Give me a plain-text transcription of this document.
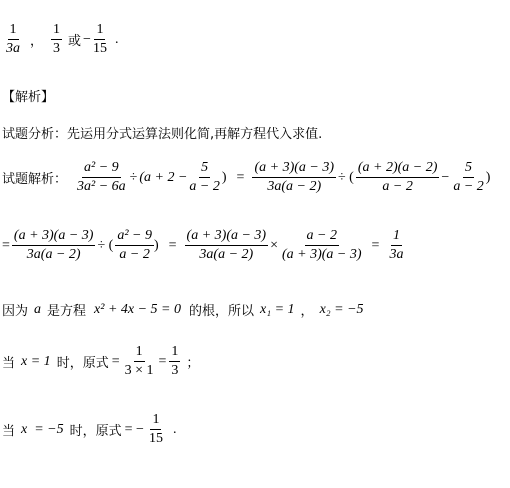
$\frac{1}{3a}$ ， $\frac{1}{3}$ 或 − $\frac{1}{15}$ .
【解析】
试题分析：先运用分式运算法则化简,再解方程代入求值.
试题解析： $\frac{\text{a² − 9}}{\text{3a² − 6a}} \div (a + 2 - \frac{5}{a - 2}$ ) = $\frac{(a + 3)(a - 3)}{3a(a - 2)}$ ÷ ( $\frac{(a + 2)(a - 2)}{a - 2} - \frac{5}{a - 2}$ )
= $\frac{(a + 3)(a - 3)}{3a(a - 2)}$ ÷ ( $\frac{\text{a² − 9}}{a - 2}$ ) = $\frac{(a + 3)(a - 3)}{3a(a - 2)} \times \frac{a - 2}{(a + 3)(a - 3)} = \frac{1}{3a}$
因为 a 是方程 x² + 4x − 5 = 0 的根，所以 x₁ = 1 ， x₂ = −5
当 x = 1 时，原式 = $\frac{1}{3 \times 1} = \frac{1}{3}$ ；
当 x  = −5 时，原式 = − $\frac{1}{15}$ .
